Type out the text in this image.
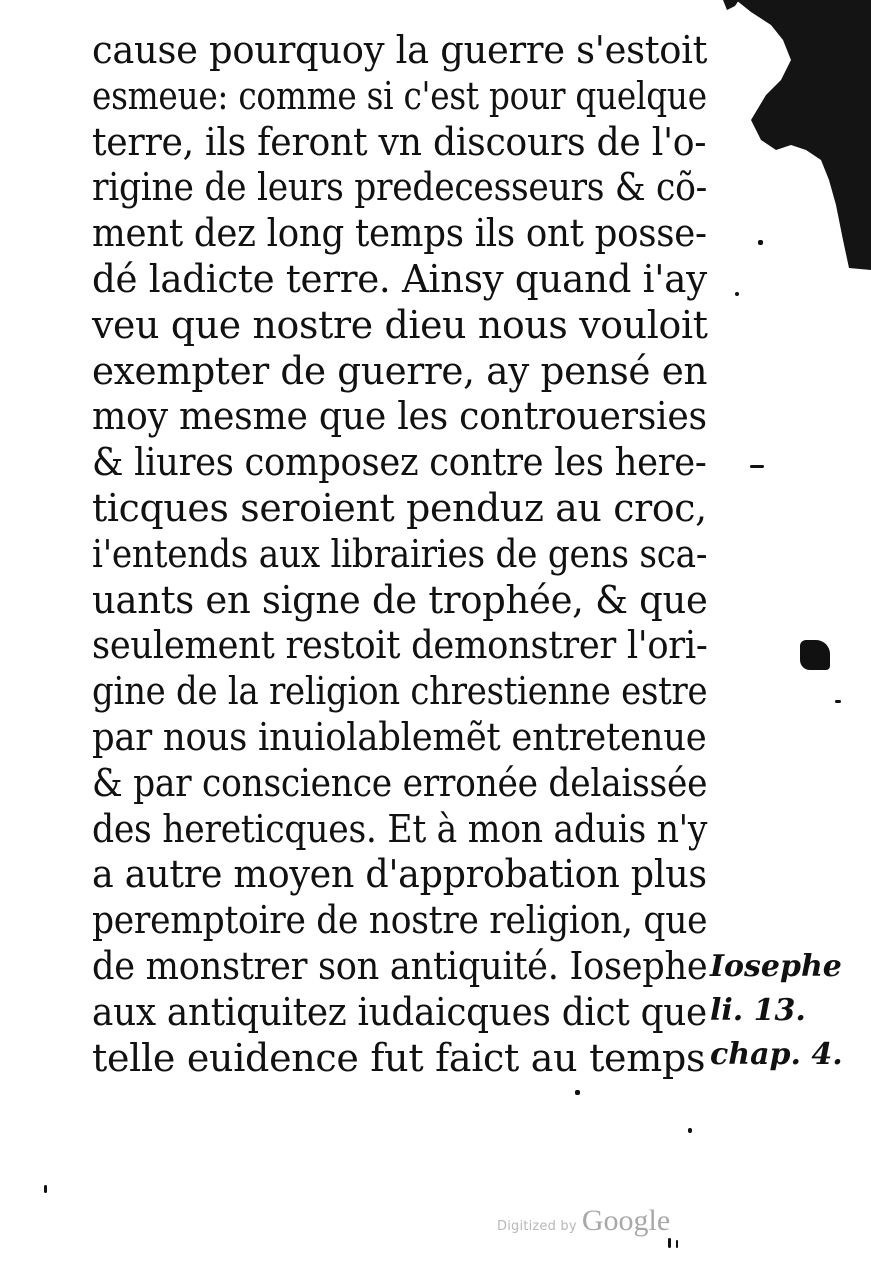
cause pourquoy la guerre s'estoit
esmeue: comme si c'est pour quelque
terre, ils feront vn discours de l'o-
rigine de leurs predecesseurs & cõ-
ment dez long temps ils ont posse-
dé ladicte terre. Ainsy quand i'ay
veu que nostre dieu nous vouloit
exempter de guerre, ay pensé en
moy mesme que les controuersies
& liures composez contre les here-
ticques seroient penduz au croc,
i'entends aux librairies de gens sca-
uants en signe de trophée, & que
seulement restoit demonstrer l'ori-
gine de la religion chrestienne estre
par nous inuiolablemẽt entretenue
& par conscience erronée delaissée
des hereticques. Et à mon aduis n'y
a autre moyen d'approbation plus
peremptoire de nostre religion, que
de monstrer son antiquité. Iosephe
aux antiquitez iudaicques dict que
telle euidence fut faict au temps
Iosephe
li. 13.
chap. 4.
Digitized by Google
